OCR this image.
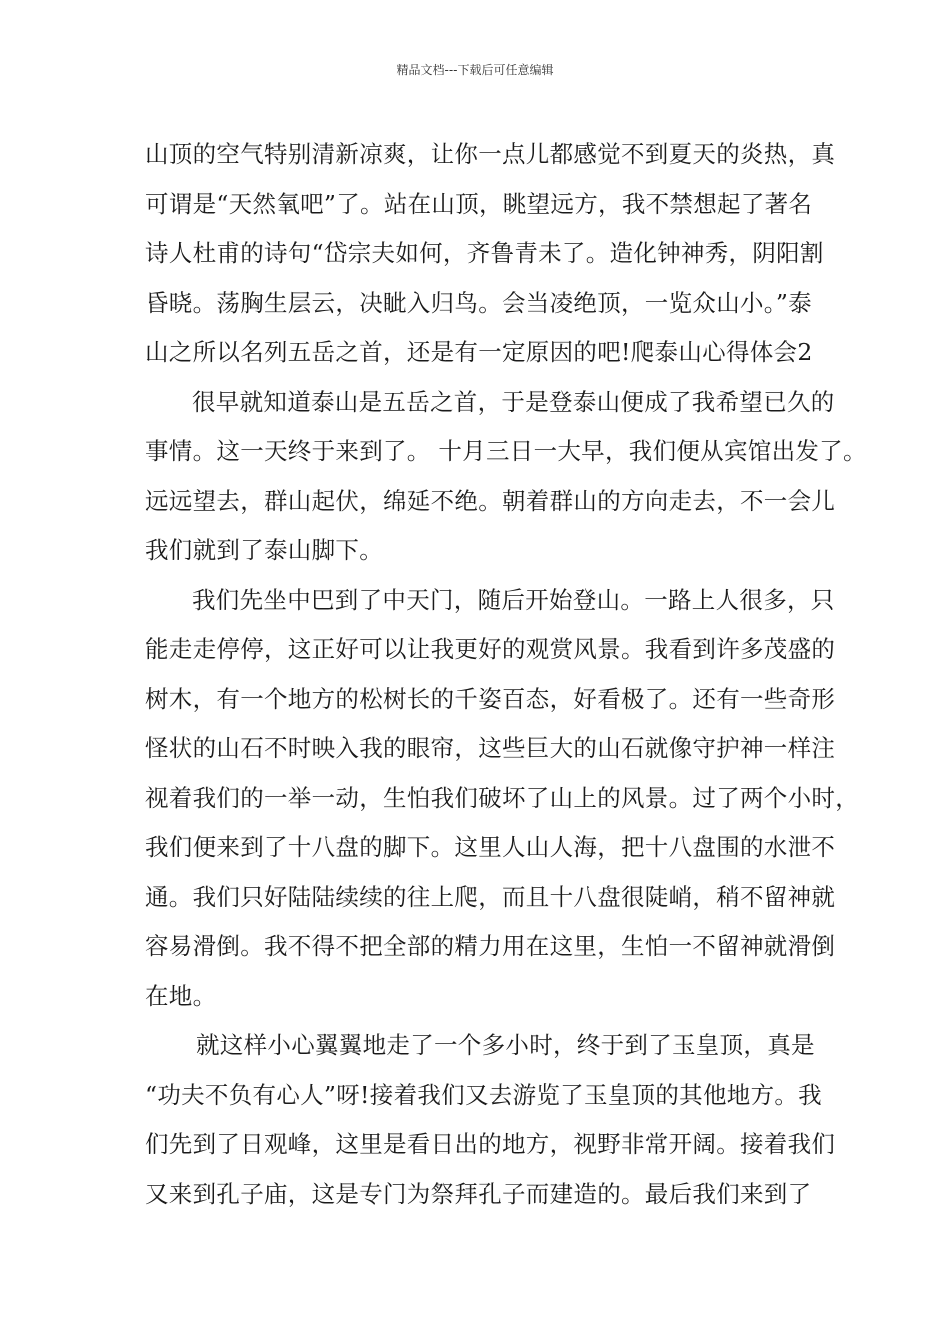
精品文档---下载后可任意编辑
山顶的空气特别清新凉爽，让你一点儿都感觉不到夏天的炎热，真
可谓是“天然氧吧”了。站在山顶，眺望远方，我不禁想起了著名
诗人杜甫的诗句“岱宗夫如何，齐鲁青未了。造化钟神秀，阴阳割
昏晓。荡胸生层云，决眦入归鸟。会当凌绝顶，一览众山小。”泰
山之所以名列五岳之首，还是有一定原因的吧!爬泰山心得体会2
很早就知道泰山是五岳之首，于是登泰山便成了我希望已久的
事情。这一天终于来到了。 十月三日一大早，我们便从宾馆出发了。
远远望去，群山起伏，绵延不绝。朝着群山的方向走去，不一会儿
我们就到了泰山脚下。
我们先坐中巴到了中天门，随后开始登山。一路上人很多，只
能走走停停，这正好可以让我更好的观赏风景。我看到许多茂盛的
树木，有一个地方的松树长的千姿百态，好看极了。还有一些奇形
怪状的山石不时映入我的眼帘，这些巨大的山石就像守护神一样注
视着我们的一举一动，生怕我们破坏了山上的风景。过了两个小时，
我们便来到了十八盘的脚下。这里人山人海，把十八盘围的水泄不
通。我们只好陆陆续续的往上爬，而且十八盘很陡峭，稍不留神就
容易滑倒。我不得不把全部的精力用在这里，生怕一不留神就滑倒
在地。
就这样小心翼翼地走了一个多小时，终于到了玉皇顶，真是
“功夫不负有心人”呀!接着我们又去游览了玉皇顶的其他地方。我
们先到了日观峰，这里是看日出的地方，视野非常开阔。接着我们
又来到孔子庙，这是专门为祭拜孔子而建造的。最后我们来到了
